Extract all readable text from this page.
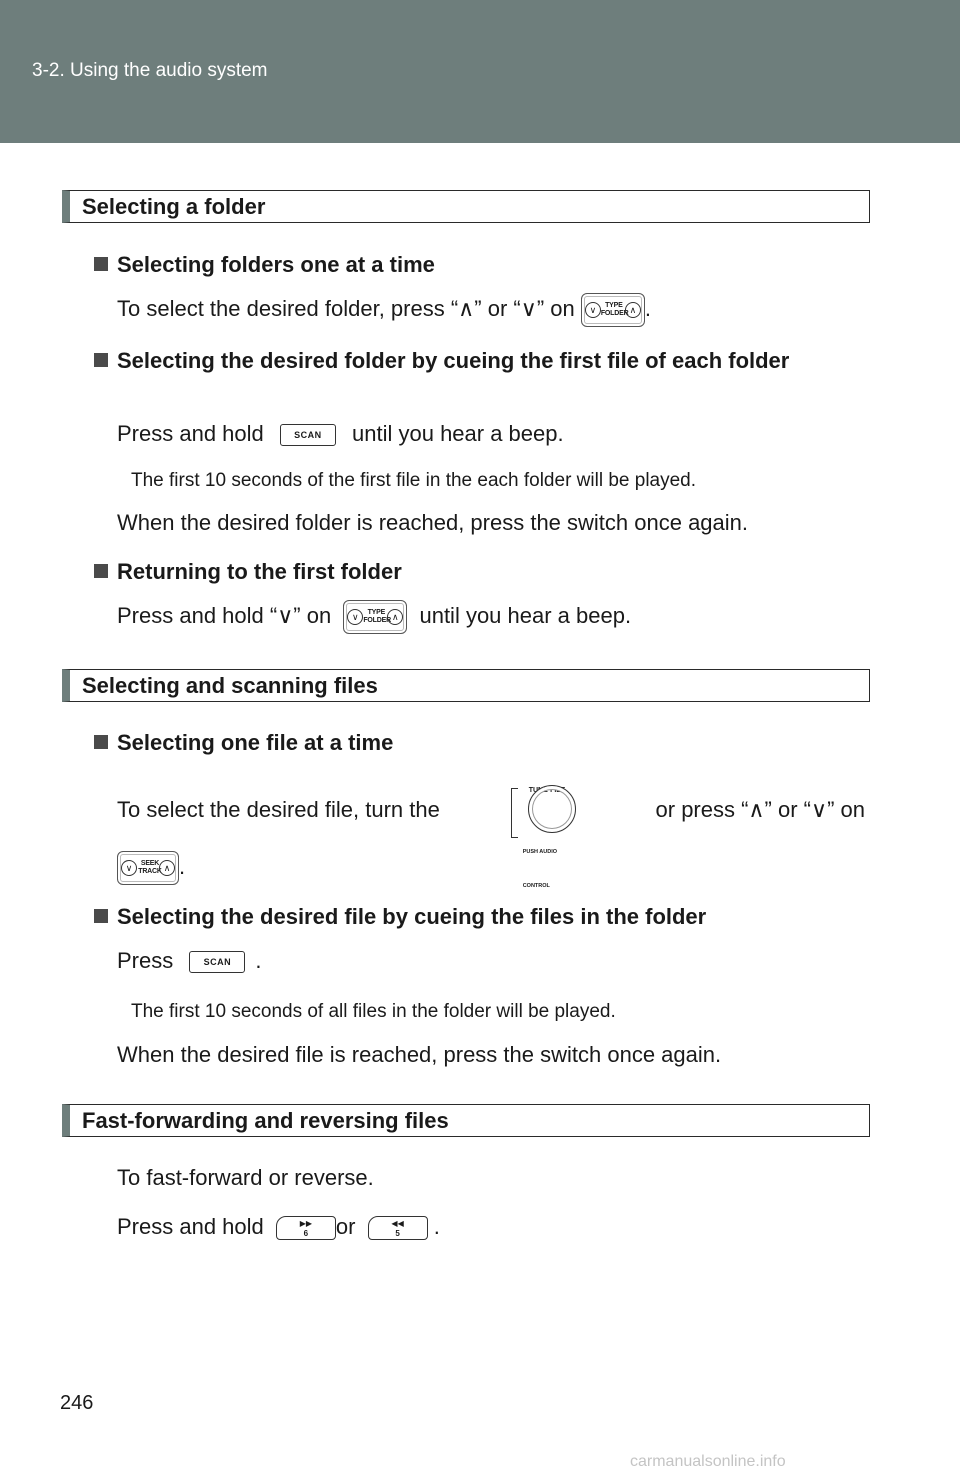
3-2. Using the audio system
Selecting a folder
Selecting folders one at a time
To select the desired folder, press “∧” or “∨” on	∨	TYPE
FOLDER ∧ .
Selecting the desired folder by cueing the first file of each folder
Press and hold	SCAN until you hear a beep.
The first 10 seconds of the first file in the each folder will be played.
When the desired folder is reached, press the switch once again.
Returning to the first folder
Press and hold “∨” on	∨	TYPE
FOLDER ∧ until you hear a beep.
Selecting and scanning files
Selecting one file at a time
To select the desired file, turn the
TUNE·FILE
PUSH AUDIO CONTROL
or press “∧” or “∨” on
∨	SEEK
TRACK ∧ .
Selecting the desired file by cueing the files in the folder
Press	SCAN .
The first 10 seconds of all files in the folder will be played.
When the desired file is reached, press the switch once again.
Fast-forwarding and reversing files
To fast-forward or reverse.
Press and hold	▶▶
6 or	◀◀
5 .
246
carmanualsonline.info
